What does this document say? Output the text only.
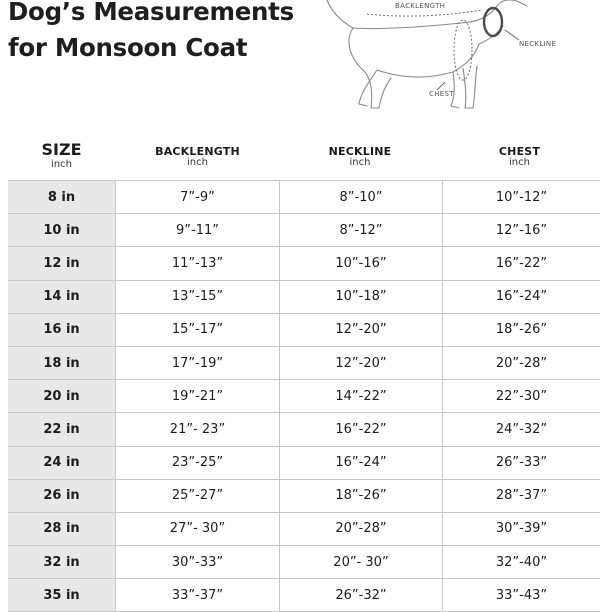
Dog’s Measurements
for Monsoon Coat
BACKLENGTH
NECKLINE
CHEST
SIZE
inch
BACKLENGTH
inch
NECKLINE
inch
CHEST
inch
8 in	7”-9”	8”-10”	10”-12”
10 in	9”-11”	8”-12”	12”-16”
12 in	11”-13”	10”-16”	16”-22”
14 in	13”-15”	10”-18”	16”-24”
16 in	15”-17”	12”-20”	18”-26”
18 in	17”-19”	12”-20”	20”-28”
20 in	19”-21”	14”-22”	22”-30”
22 in	21”- 23”	16”-22”	24”-32”
24 in	23”-25”	16”-24”	26”-33”
26 in	25”-27”	18”-26”	28”-37”
28 in	27”- 30”	20”-28”	30”-39”
32 in	30”-33”	20”- 30”	32”-40”
35 in	33”-37”	26”-32”	33”-43”
